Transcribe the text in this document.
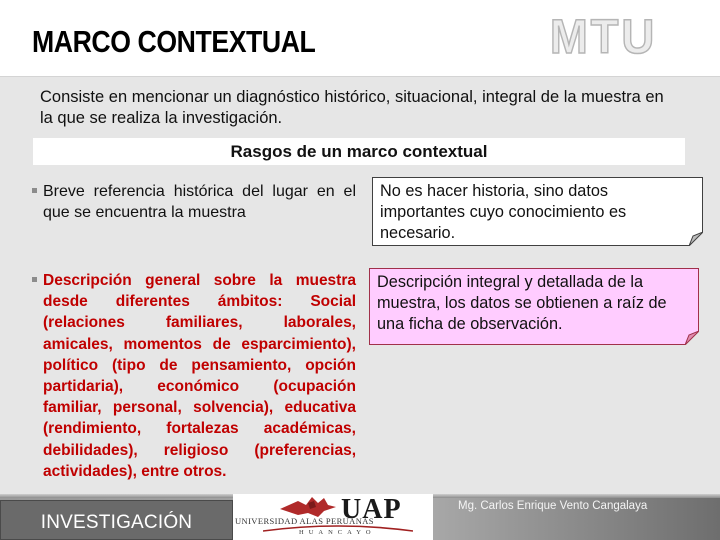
MARCO CONTEXTUAL	MTU
Consiste en mencionar un diagnóstico histórico, situacional, integral de la muestra en la que se realiza la investigación.
Rasgos de un marco contextual
Breve referencia histórica del lugar en el que se encuentra la muestra
Descripción general sobre la muestra desde diferentes ámbitos: Social (relaciones familiares, laborales, amicales, momentos de esparcimiento), político (tipo de pensamiento, opción partidaria), económico (ocupación familiar, personal, solvencia), educativa (rendimiento, fortalezas académicas, debilidades), religioso (preferencias, actividades), entre otros.
No es hacer historia, sino datos importantes cuyo conocimiento es necesario.
Descripción integral y detallada de la muestra, los datos se obtienen a raíz de una ficha de observación.
INVESTIGACIÓN	UAP
UNIVERSIDAD ALAS PERUANAS
HUANCAYO
Mg. Carlos Enrique Vento Cangalaya
